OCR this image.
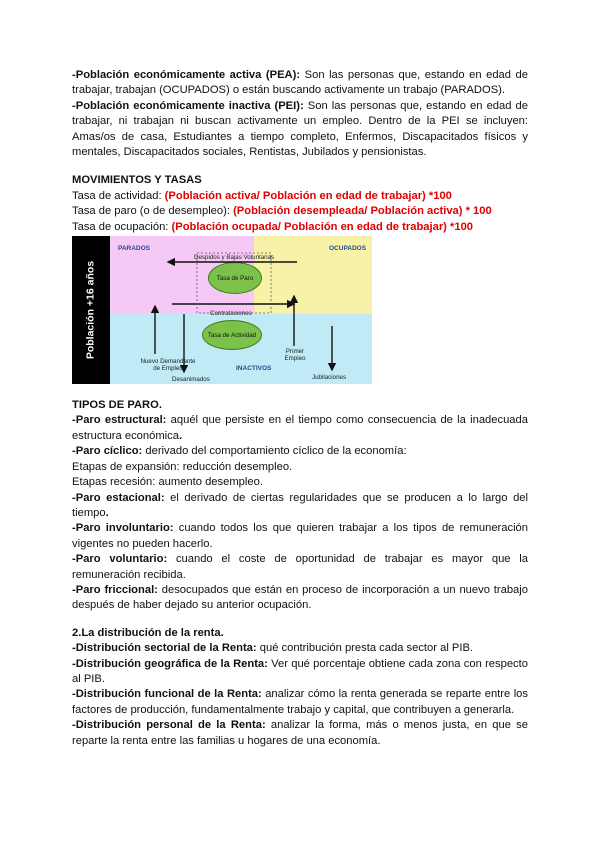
-Población económicamente activa (PEA): Son las personas que, estando en edad de trabajar, trabajan (OCUPADOS) o están buscando activamente un trabajo (PARADOS).

-Población económicamente inactiva (PEI): Son las personas que, estando en edad de trabajar, ni trabajan ni buscan activamente un empleo. Dentro de la PEI se incluyen: Amas/os de casa, Estudiantes a tiempo completo, Enfermos, Discapacitados físicos y mentales, Discapacitados sociales, Rentistas, Jubilados y pensionistas.

MOVIMIENTOS Y TASAS

Tasa de actividad: (Población activa/ Población en edad de trabajar) *100

Tasa de paro (o de desempleo): (Población desempleada/ Población activa) * 100

Tasa de ocupación: (Población ocupada/ Población en edad de trabajar) *100

Población +16 años
PARADOS	OCUPADOS
INACTIVOS
Despidos y Bajas Voluntarias
Contrataciones
Nuevo Demandante de Empleo
Desanimados
Primer Empleo
Jubilaciones
Tasa de Paro
Tasa de Actividad

TIPOS DE PARO.

-Paro estructural: aquél que persiste en el tiempo como consecuencia de la inadecuada estructura económica.

-Paro cíclico: derivado del comportamiento cíclico de la economía:

Etapas de expansión: reducción desempleo.

Etapas recesión: aumento desempleo.

-Paro estacional: el derivado de ciertas regularidades que se producen a lo largo del tiempo.

-Paro involuntario: cuando todos los que quieren trabajar a los tipos de remuneración vigentes no pueden hacerlo.

-Paro voluntario: cuando el coste de oportunidad de trabajar es mayor que la remuneración recibida.

-Paro friccional: desocupados que están en proceso de incorporación a un nuevo trabajo después de haber dejado su anterior ocupación.

2.La distribución de la renta.

-Distribución sectorial de la Renta: qué contribución presta cada sector al PIB.

-Distribución geográfica de la Renta: Ver qué porcentaje obtiene cada zona con respecto al PIB.

-Distribución funcional de la Renta: analizar cómo la renta generada se reparte entre los factores de producción, fundamentalmente trabajo y capital, que contribuyen a generarla.

-Distribución personal de la Renta: analizar la forma, más o menos justa, en que se reparte la renta entre las familias u hogares de una economía.
